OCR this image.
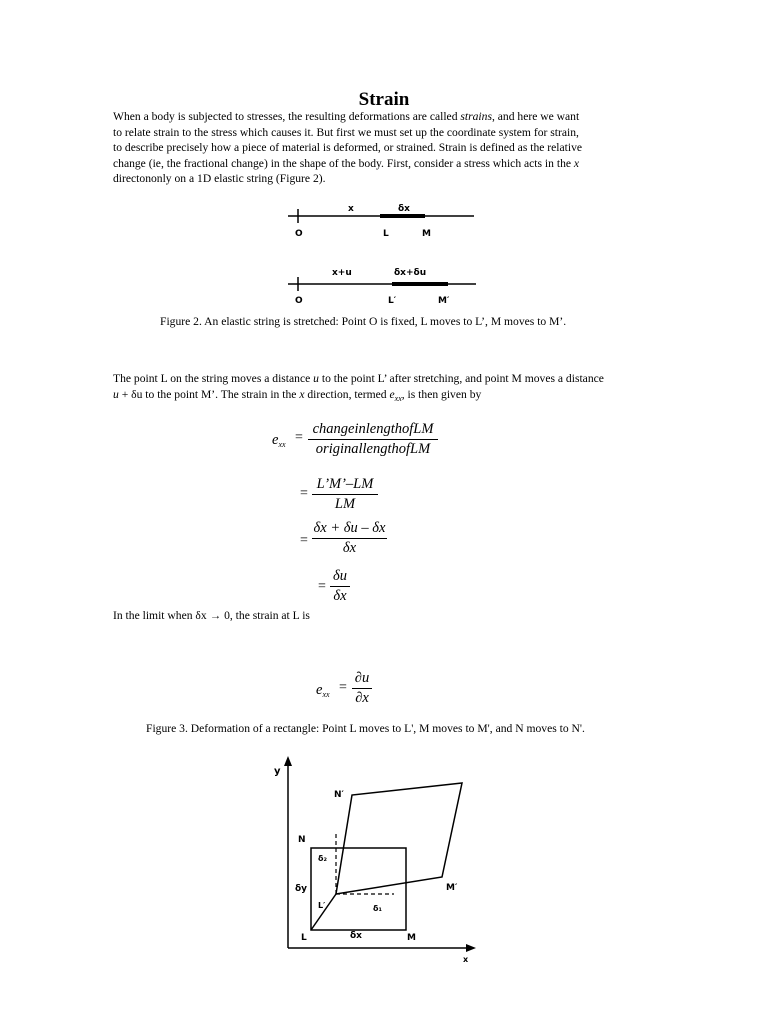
Strain
When a body is subjected to stresses, the resulting deformations are called strains, and here we want
to relate strain to the stress which causes it. But first we must set up the coordinate system for strain,
to describe precisely how a piece of material is deformed, or strained. Strain is defined as the relative
change (ie, the fractional change) in the shape of the body. First, consider a stress which acts in the x
directononly on a 1D elastic string (Figure 2).
x	δx
O	L	M
x+u	δx+δu
O	L′	M′
Figure 2. An elastic string is stretched: Point O is fixed, L moves to L’, M moves to M’.
The point L on the string moves a distance u to the point L’ after stretching, and point M moves a distance
u + δu to the point M’. The strain in the x direction, termed $e_{xx}$, is then given by
$e_{xx}$ =
changeinlengthofLM
originallengthofLM
=
L’M’–LM
LM
=
δx + δu – δx
δx
=
δu
δx
In the limit when δx → 0, the strain at L is
$e_{xx}$ =
∂u
∂x
Figure 3. Deformation of a rectangle: Point L moves to L', M moves to M', and N moves to N'.
y
x
N′
N
δ₂
δy
L′	δ₁
M′
L	δx	M
